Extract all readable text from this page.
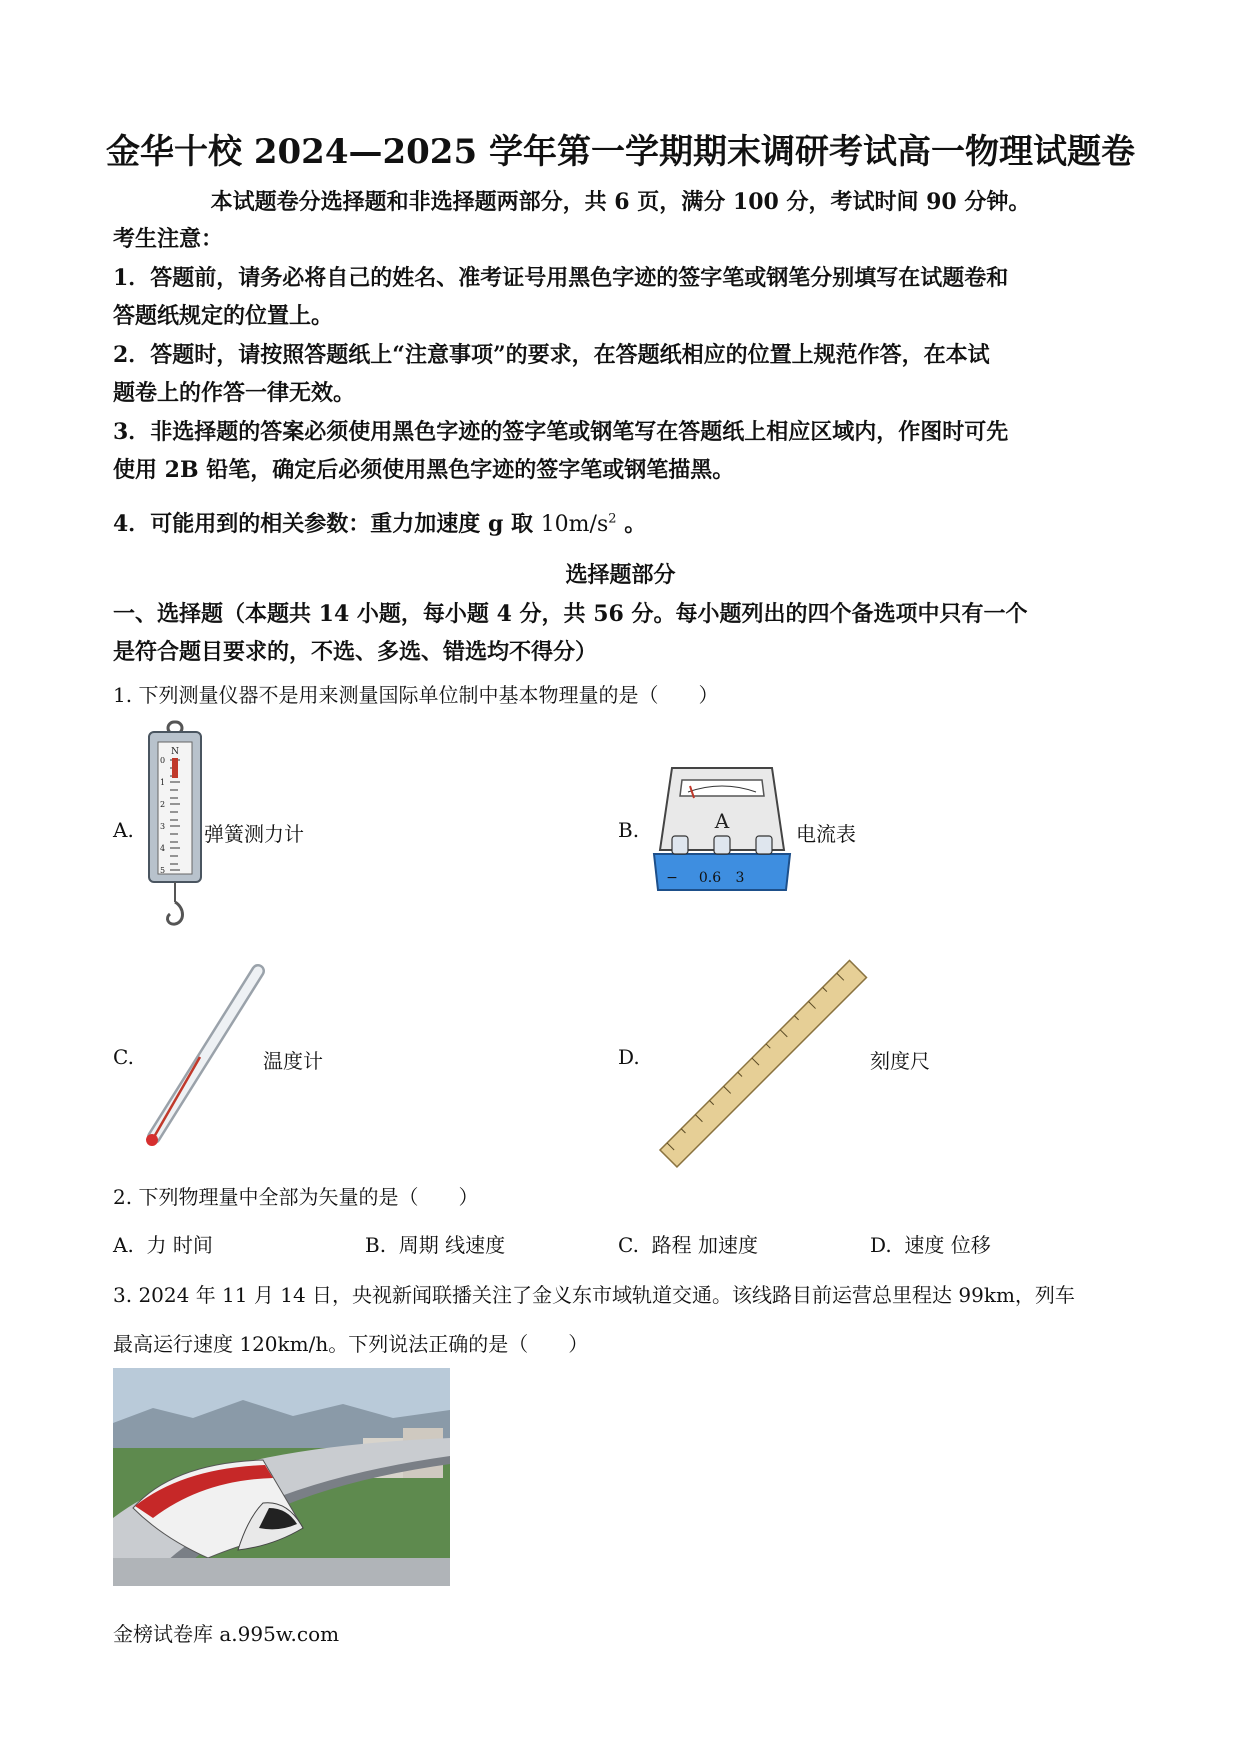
金华十校 2024—2025 学年第一学期期末调研考试高一物理试题卷
本试题卷分选择题和非选择题两部分，共 6 页，满分 100 分，考试时间 90 分钟。
考生注意：
1．答题前，请务必将自己的姓名、准考证号用黑色字迹的签字笔或钢笔分别填写在试题卷和
答题纸规定的位置上。
2．答题时，请按照答题纸上“注意事项”的要求，在答题纸相应的位置上规范作答，在本试
题卷上的作答一律无效。
3．非选择题的答案必须使用黑色字迹的签字笔或钢笔写在答题纸上相应区域内，作图时可先
使用 2B 铅笔，确定后必须使用黑色字迹的签字笔或钢笔描黑。
4．可能用到的相关参数：重力加速度 g 取 $10m/s^2$ 。
选择题部分
一、选择题（本题共 14 小题，每小题 4 分，共 56 分。每小题列出的四个备选项中只有一个
是符合题目要求的，不选、多选、错选均不得分）
1. 下列测量仪器不是用来测量国际单位制中基本物理量的是（　　）
A.
N
0
1
2
3
4
5
弹簧测力计	B.	A
− 0.6 3
电流表
C.	温度计	D.	刻度尺
2. 下列物理量中全部为矢量的是（　　）
A. 力 时间	B. 周期 线速度	C. 路程 加速度	D. 速度 位移
3. 2024 年 11 月 14 日，央视新闻联播关注了金义东市域轨道交通。该线路目前运营总里程达 99km，列车
最高运行速度 120km/h。下列说法正确的是（　　）
金榜试卷库 a.995w.com
